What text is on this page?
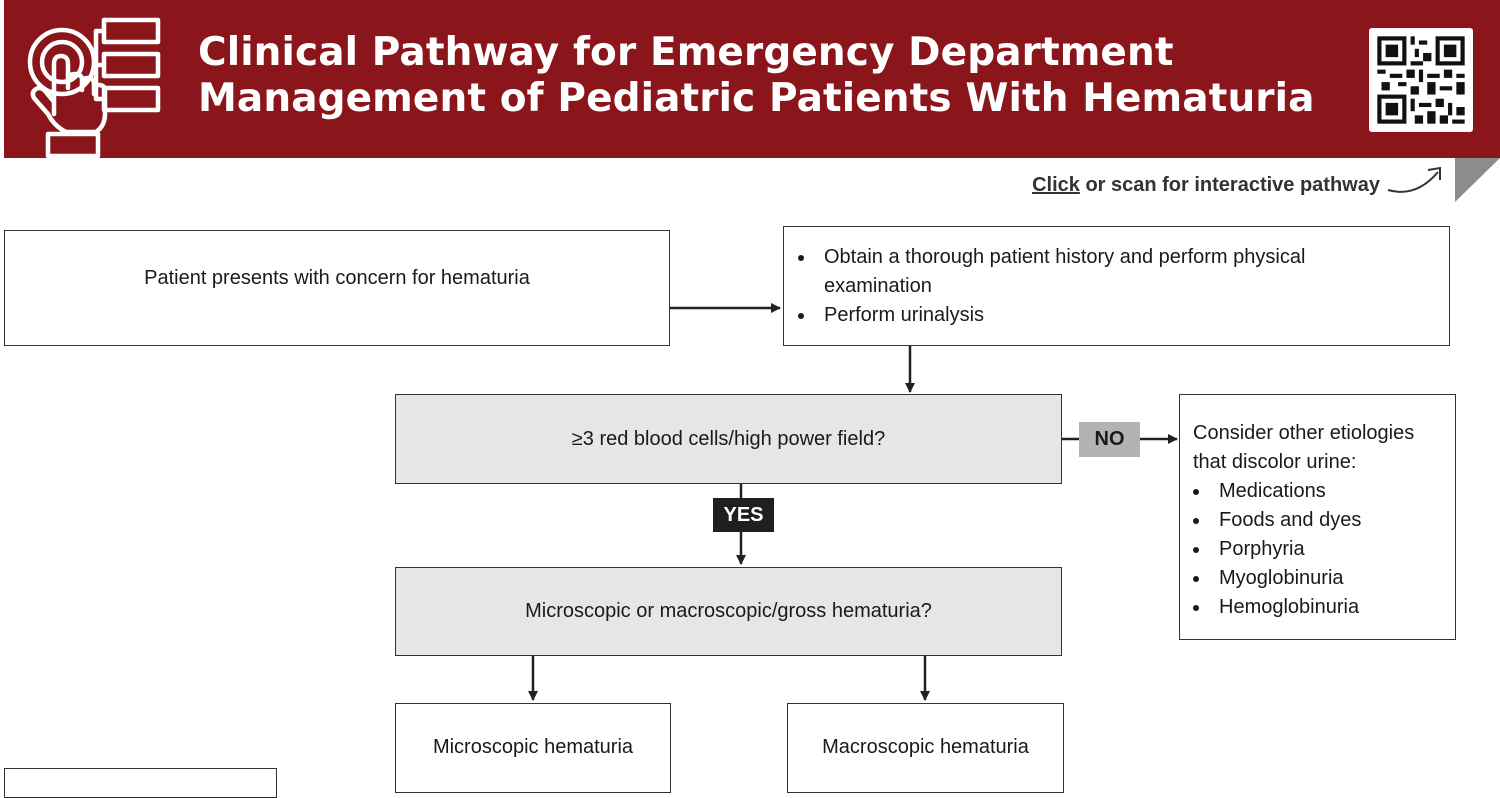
Clinical Pathway for Emergency Department
Management of Pediatric Patients With Hematuria
Click or scan for interactive pathway
Patient presents with concern for hematuria
Obtain a thorough patient history and perform physical examination
Perform urinalysis
≥3 red blood cells/high power field?	NO
YES
Consider other etiologies that discolor urine:
Medications
Foods and dyes
Porphyria
Myoglobinuria
Hemoglobinuria
Microscopic or macroscopic/gross hematuria?
Microscopic hematuria	Macroscopic hematuria
